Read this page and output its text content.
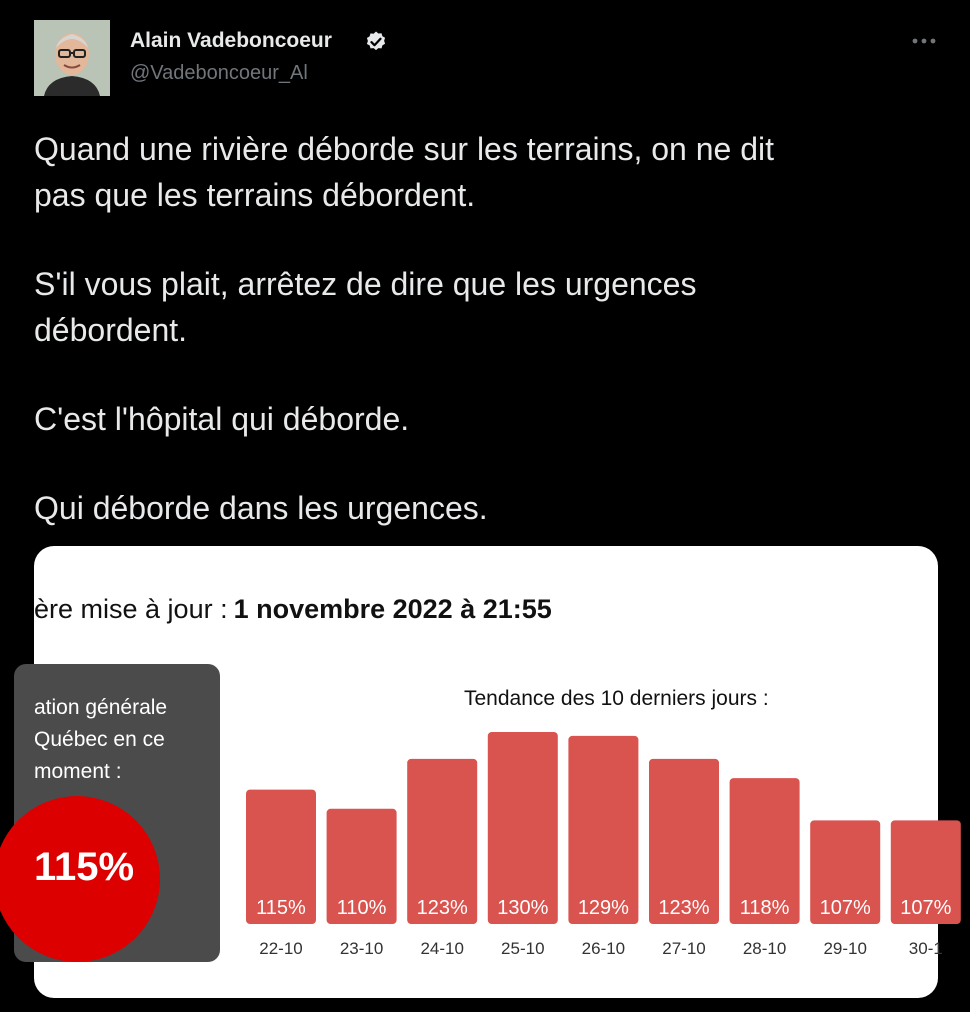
Alain Vadeboncoeur
@Vadeboncoeur_Al

Quand une rivière déborde sur les terrains, on ne dit
pas que les terrains débordent.

S'il vous plait, arrêtez de dire que les urgences
débordent.

C'est l'hôpital qui déborde.

Qui déborde dans les urgences.

ère mise à jour : 1 novembre 2022 à 21:55
ation générale
Québec en ce
moment :
115%
Tendance des 10 derniers jours :
115%
22-10
110%
23-10
123%
24-10
130%
25-10
129%
26-10
123%
27-10
118%
28-10
107%
29-10
107%
30-1
